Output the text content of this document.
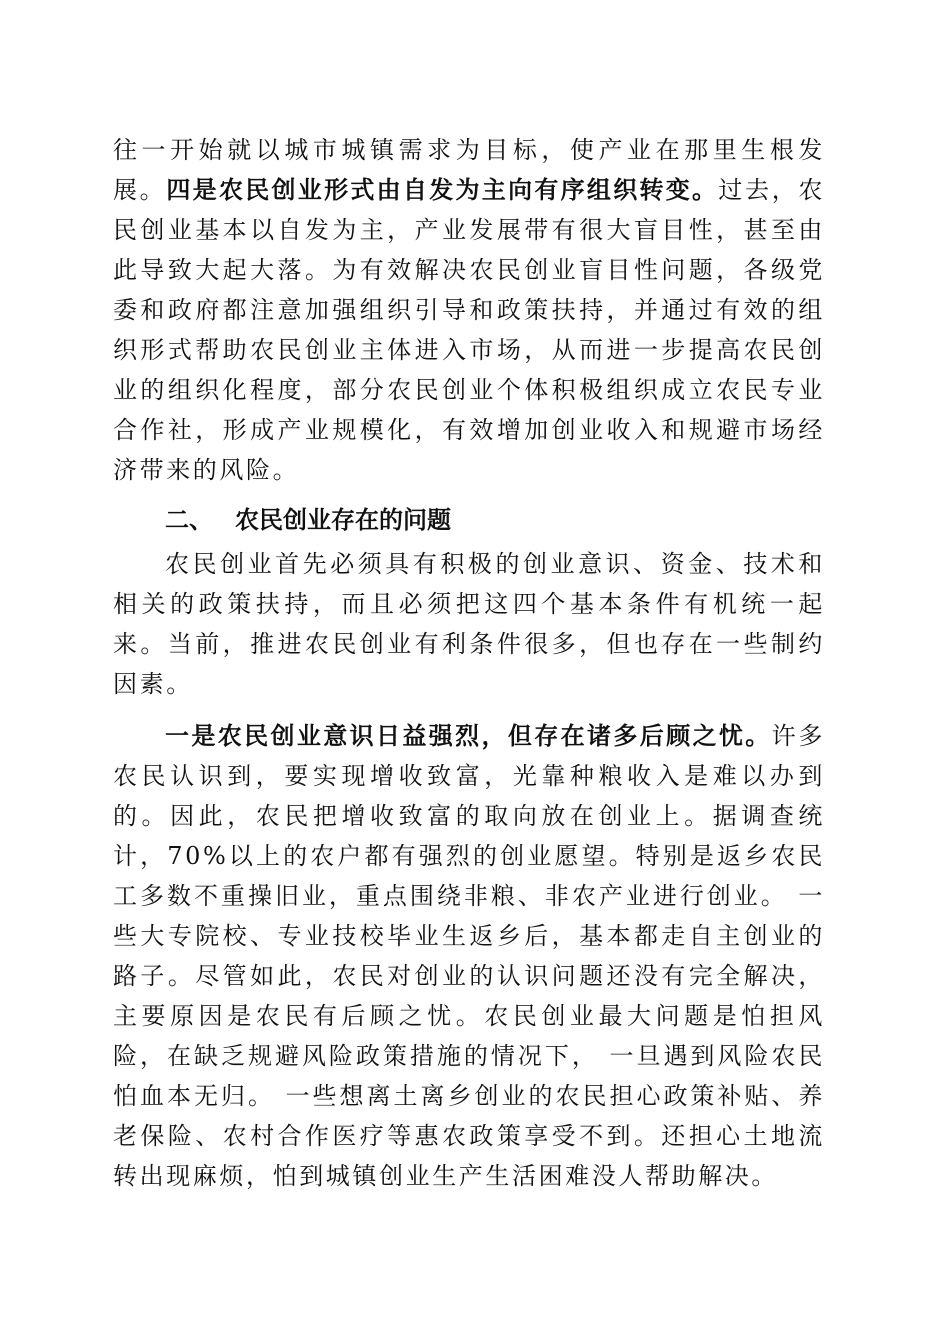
往一开始就以城市城镇需求为目标，使产业在那里生根发展。四是农民创业形式由自发为主向有序组织转变。过去，农民创业基本以自发为主，产业发展带有很大盲目性，甚至由此导致大起大落。为有效解决农民创业盲目性问题，各级党委和政府都注意加强组织引导和政策扶持，并通过有效的组织形式帮助农民创业主体进入市场，从而进一步提高农民创业的组织化程度，部分农民创业个体积极组织成立农民专业合作社，形成产业规模化，有效增加创业收入和规避市场经济带来的风险。

二、 农民创业存在的问题

农民创业首先必须具有积极的创业意识、资金、技术和相关的政策扶持，而且必须把这四个基本条件有机统一起来。当前，推进农民创业有利条件很多，但也存在一些制约因素。

一是农民创业意识日益强烈，但存在诸多后顾之忧。许多农民认识到，要实现增收致富，光靠种粮收入是难以办到的。因此，农民把增收致富的取向放在创业上。据调查统计，70%以上的农户都有强烈的创业愿望。特别是返乡农民工多数不重操旧业，重点围绕非粮、非农产业进行创业。 一些大专院校、专业技校毕业生返乡后，基本都走自主创业的路子。尽管如此，农民对创业的认识问题还没有完全解决，主要原因是农民有后顾之忧。农民创业最大问题是怕担风险，在缺乏规避风险政策措施的情况下， 一旦遇到风险农民怕血本无归。 一些想离土离乡创业的农民担心政策补贴、养老保险、农村合作医疗等惠农政策享受不到。还担心土地流转出现麻烦，怕到城镇创业生产生活困难没人帮助解决。
